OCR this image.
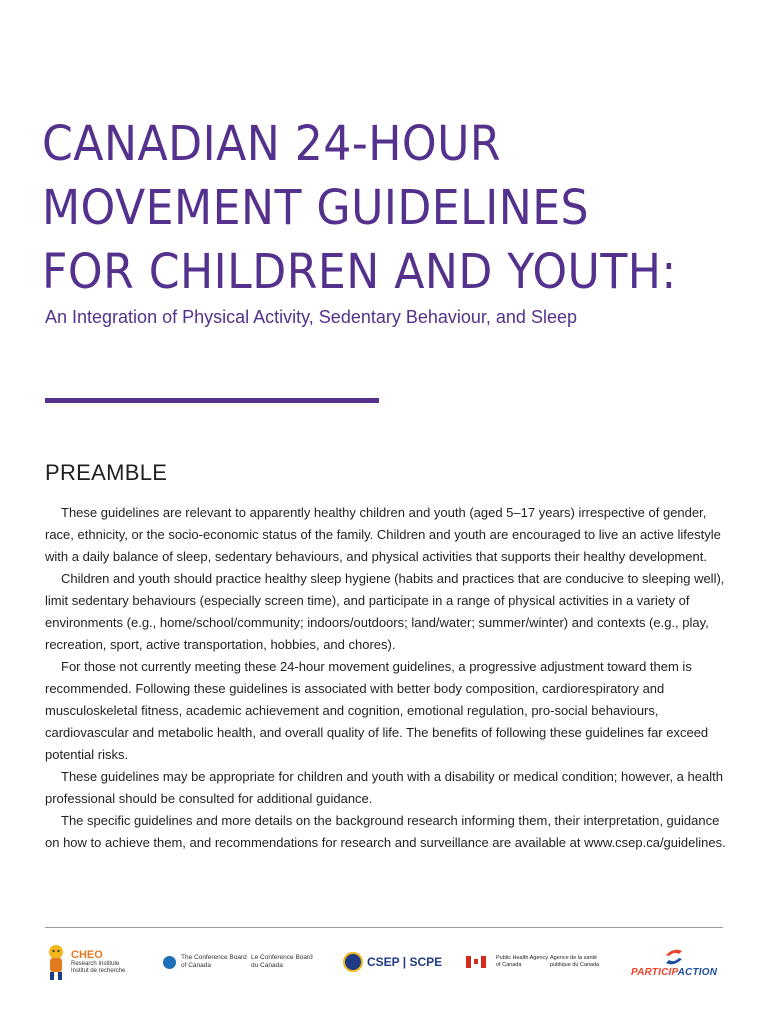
CANADIAN 24-HOUR
MOVEMENT GUIDELINES
FOR CHILDREN AND YOUTH:

An Integration of Physical Activity, Sedentary Behaviour, and Sleep

PREAMBLE

These guidelines are relevant to apparently healthy children and youth (aged 5–17 years) irrespective of gender, race, ethnicity, or the socio-economic status of the family. Children and youth are encouraged to live an active lifestyle with a daily balance of sleep, sedentary behaviours, and physical activities that supports their healthy development.

Children and youth should practice healthy sleep hygiene (habits and practices that are conducive to sleeping well), limit sedentary behaviours (especially screen time), and participate in a range of physical activities in a variety of environments (e.g., home/school/community; indoors/outdoors; land/water; summer/winter) and contexts (e.g., play, recreation, sport, active transportation, hobbies, and chores).

For those not currently meeting these 24-hour movement guidelines, a progressive adjustment toward them is recommended. Following these guidelines is associated with better body composition, cardiorespiratory and musculoskeletal fitness, academic achievement and cognition, emotional regulation, pro-social behaviours, cardiovascular and metabolic health, and overall quality of life. The benefits of following these guidelines far exceed potential risks.

These guidelines may be appropriate for children and youth with a disability or medical condition; however, a health professional should be consulted for additional guidance.

The specific guidelines and more details on the background research informing them, their interpretation, guidance on how to achieve them, and recommendations for research and surveillance are available at www.csep.ca/guidelines.

CHEO
Research Institute
Institut de recherche
The Conference Board of Canada
Le Conference Board du Canada	CSEP | SCPE	Public Health Agency of Canada
Agence de la santé publique du Canada
PARTICIPACTION
